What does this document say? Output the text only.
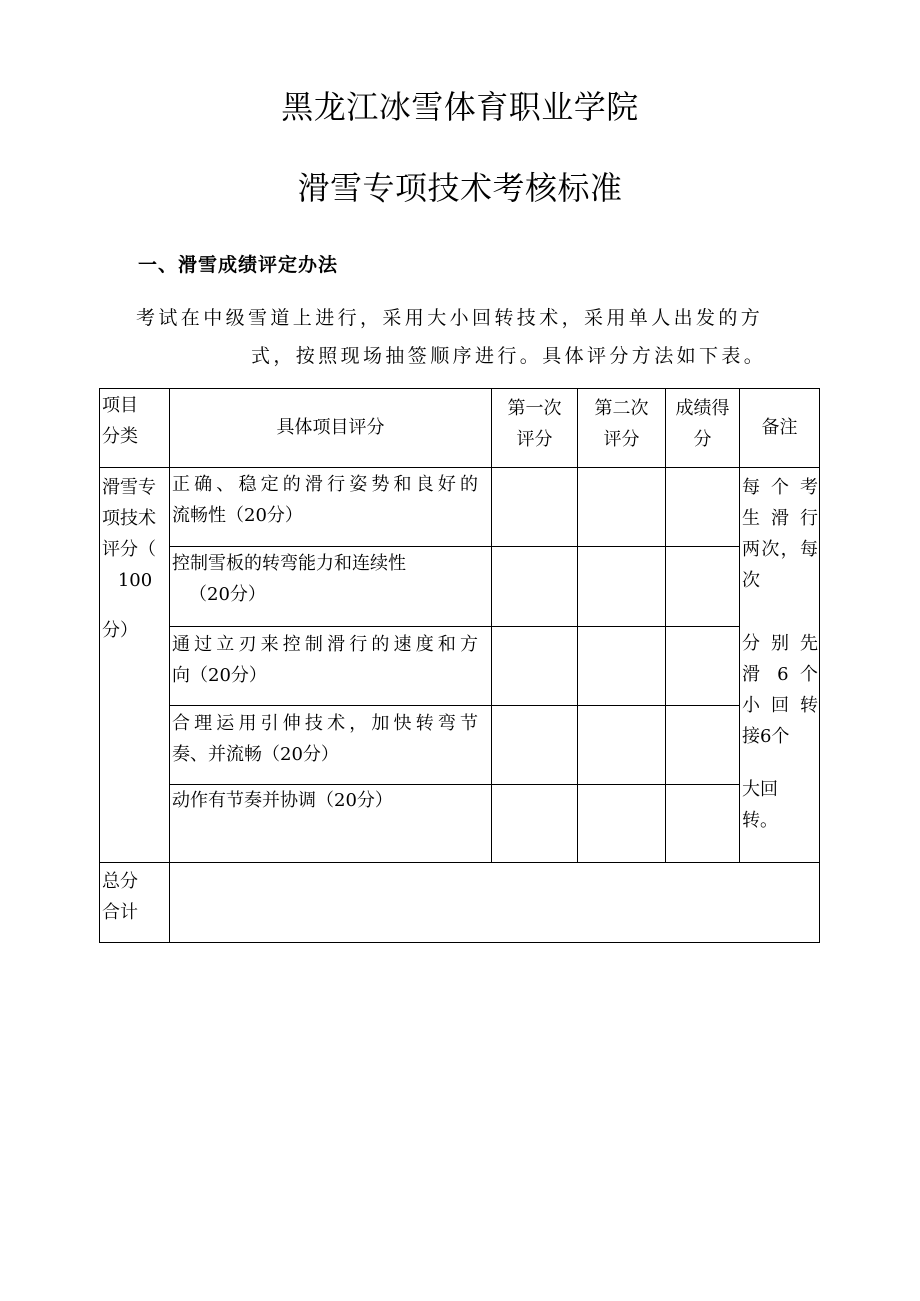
黑龙江冰雪体育职业学院
滑雪专项技术考核标准
一、滑雪成绩评定办法
考试在中级雪道上进行，采用大小回转技术，采用单人出发的方
式，按照现场抽签顺序进行。具体评分方法如下表。
项目
分类	具体项目评分
第一次
评分
第二次
评分
成绩得
分
备注
滑雪专
项技术
评分（
100
分）
正确、稳定的滑行姿势和良好的
流畅性（20分）
控制雪板的转弯能力和连续性
（20分）
通过立刃来控制滑行的速度和方
向（20分）
合理运用引伸技术，加快转弯节
奏、并流畅（20分）
动作有节奏并协调（20分）
每个考
生滑行
两次，每
次
分别先
滑 6 个
小回转
接6个
大回
转。
总分
合计
